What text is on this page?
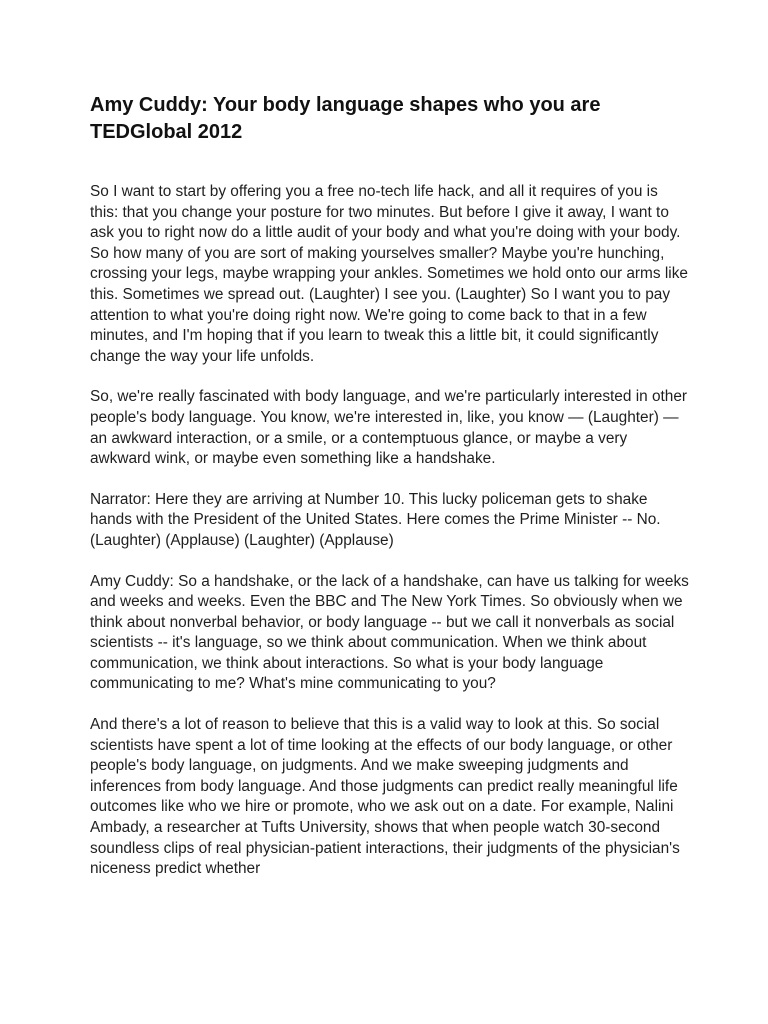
Amy Cuddy: Your body language shapes who you are
TEDGlobal 2012

So I want to start by offering you a free no-tech life hack, and all it requires of you is this: that you change your posture for two minutes. But before I give it away, I want to ask you to right now do a little audit of your body and what you're doing with your body. So how many of you are sort of making yourselves smaller? Maybe you're hunching, crossing your legs, maybe wrapping your ankles. Sometimes we hold onto our arms like this. Sometimes we spread out. (Laughter) I see you. (Laughter) So I want you to pay attention to what you're doing right now. We're going to come back to that in a few minutes, and I'm hoping that if you learn to tweak this a little bit, it could significantly change the way your life unfolds.

So, we're really fascinated with body language, and we're particularly interested in other people's body language. You know, we're interested in, like, you know — (Laughter) — an awkward interaction, or a smile, or a contemptuous glance, or maybe a very awkward wink, or maybe even something like a handshake.

Narrator: Here they are arriving at Number 10. This lucky policeman gets to shake hands with the President of the United States. Here comes the Prime Minister -- No. (Laughter) (Applause) (Laughter) (Applause)

Amy Cuddy: So a handshake, or the lack of a handshake, can have us talking for weeks and weeks and weeks. Even the BBC and The New York Times. So obviously when we think about nonverbal behavior, or body language -- but we call it nonverbals as social scientists -- it's language, so we think about communication. When we think about communication, we think about interactions. So what is your body language communicating to me? What's mine communicating to you?

And there's a lot of reason to believe that this is a valid way to look at this. So social scientists have spent a lot of time looking at the effects of our body language, or other people's body language, on judgments. And we make sweeping judgments and inferences from body language. And those judgments can predict really meaningful life outcomes like who we hire or promote, who we ask out on a date. For example, Nalini Ambady, a researcher at Tufts University, shows that when people watch 30-second soundless clips of real physician-patient interactions, their judgments of the physician's niceness predict whether
